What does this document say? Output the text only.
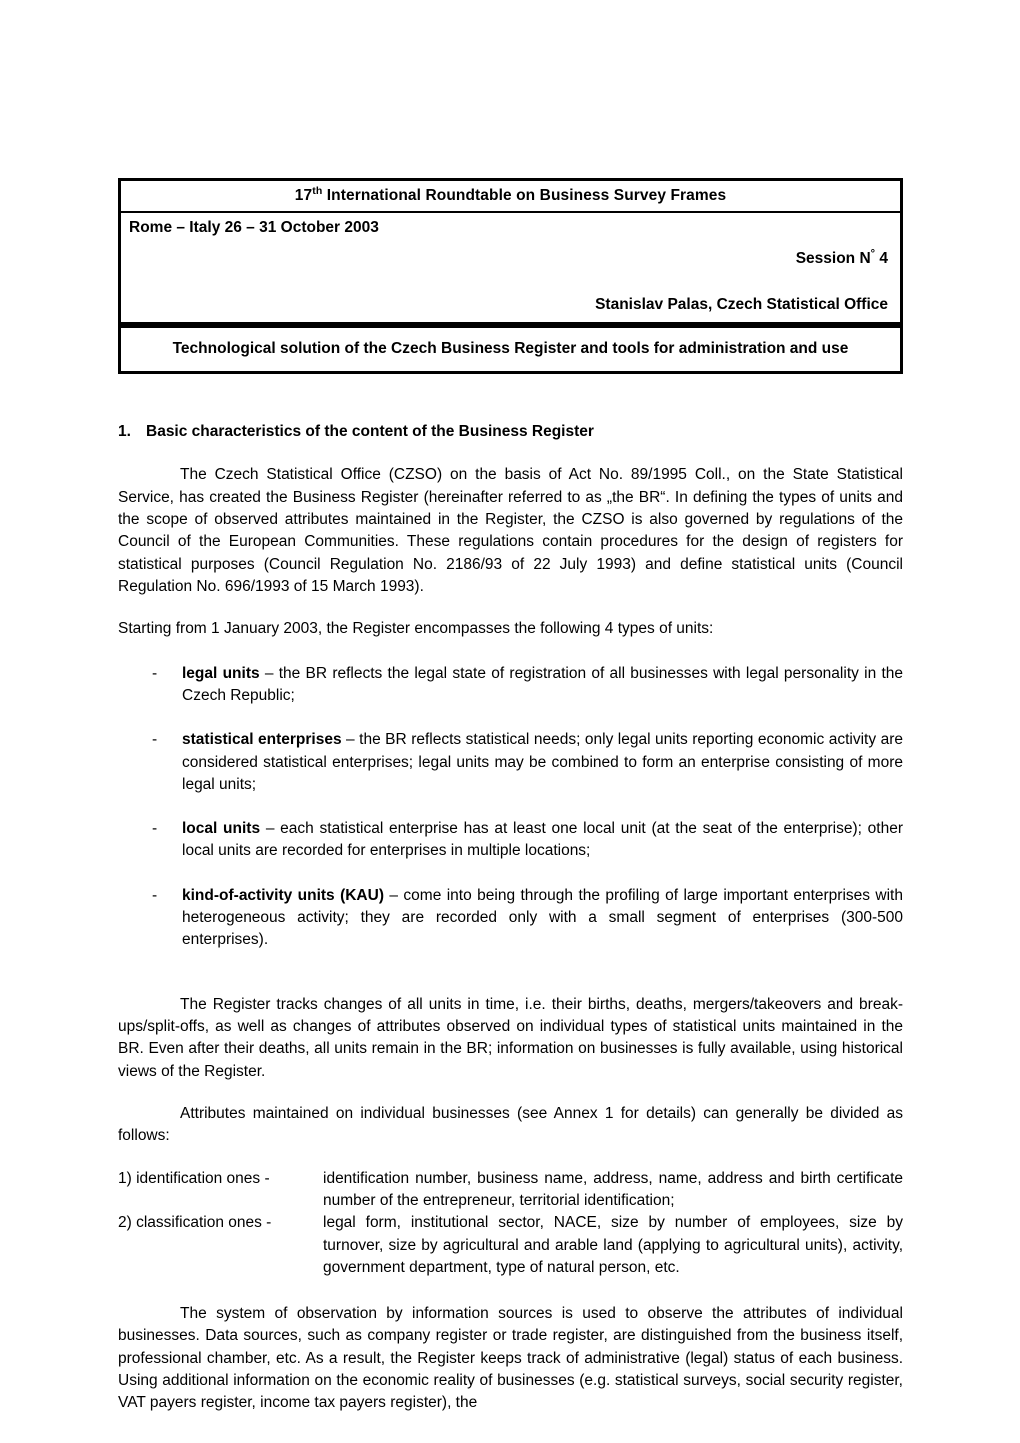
17th International Roundtable on Business Survey Frames
Rome – Italy 26 – 31 October 2003
Session N° 4
Stanislav Palas, Czech Statistical Office
Technological solution of the Czech Business Register and tools for administration and use
1. Basic characteristics of the content of the Business Register

The Czech Statistical Office (CZSO) on the basis of Act No. 89/1995 Coll., on the State Statistical Service, has created the Business Register (hereinafter referred to as „the BR“. In defining the types of units and the scope of observed attributes maintained in the Register, the CZSO is also governed by regulations of the Council of the European Communities. These regulations contain procedures for the design of registers for statistical purposes (Council Regulation No. 2186/93 of 22 July 1993) and define statistical units (Council Regulation No. 696/1993 of 15 March 1993).

Starting from 1 January 2003, the Register encompasses the following 4 types of units:

- legal units – the BR reflects the legal state of registration of all businesses with legal personality in the Czech Republic;
- statistical enterprises – the BR reflects statistical needs; only legal units reporting economic activity are considered statistical enterprises; legal units may be combined to form an enterprise consisting of more legal units;
- local units – each statistical enterprise has at least one local unit (at the seat of the enterprise); other local units are recorded for enterprises in multiple locations;
- kind-of-activity units (KAU) – come into being through the profiling of large important enterprises with heterogeneous activity; they are recorded only with a small segment of enterprises (300-500 enterprises).

The Register tracks changes of all units in time, i.e. their births, deaths, mergers/takeovers and break-ups/split-offs, as well as changes of attributes observed on individual types of statistical units maintained in the BR. Even after their deaths, all units remain in the BR; information on businesses is fully available, using historical views of the Register.

Attributes maintained on individual businesses (see Annex 1 for details) can generally be divided as follows:

1) identification ones -	identification number, business name, address, name, address and birth certificate number of the entrepreneur, territorial identification;
2) classification ones -	legal form, institutional sector, NACE, size by number of employees, size by turnover, size by agricultural and arable land (applying to agricultural units), activity, government department, type of natural person, etc.

The system of observation by information sources is used to observe the attributes of individual businesses. Data sources, such as company register or trade register, are distinguished from the business itself, professional chamber, etc. As a result, the Register keeps track of administrative (legal) status of each business. Using additional information on the economic reality of businesses (e.g. statistical surveys, social security register, VAT payers register, income tax payers register), the
